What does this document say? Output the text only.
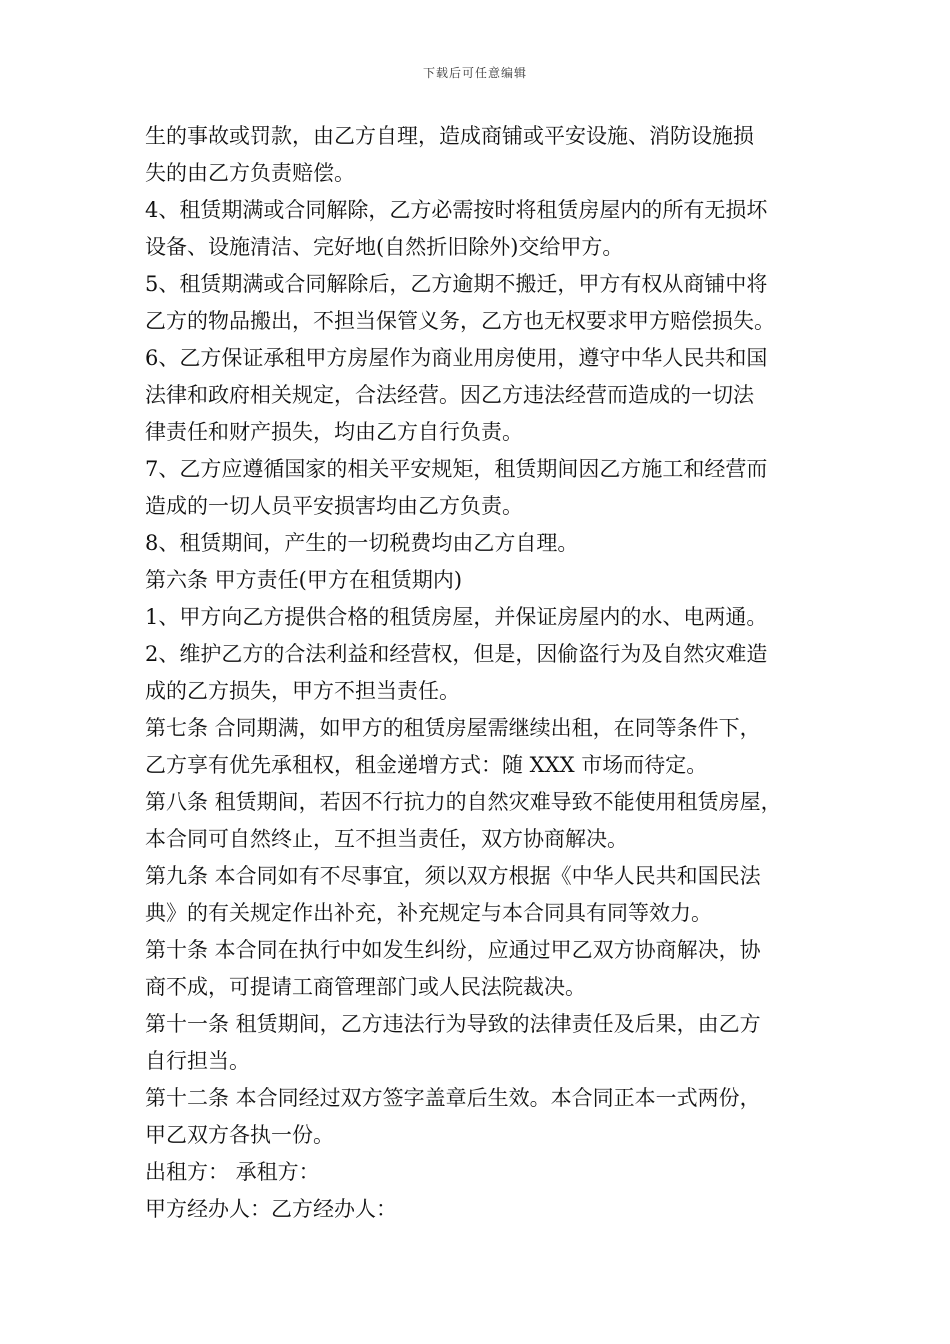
下载后可任意编辑
生的事故或罚款，由乙方自理，造成商铺或平安设施、消防设施损
失的由乙方负责赔偿。
4、租赁期满或合同解除，乙方必需按时将租赁房屋内的所有无损坏
设备、设施清洁、完好地(自然折旧除外)交给甲方。
5、租赁期满或合同解除后，乙方逾期不搬迁，甲方有权从商铺中将
乙方的物品搬出，不担当保管义务，乙方也无权要求甲方赔偿损失。
6、乙方保证承租甲方房屋作为商业用房使用，遵守中华人民共和国
法律和政府相关规定，合法经营。因乙方违法经营而造成的一切法
律责任和财产损失，均由乙方自行负责。
7、乙方应遵循国家的相关平安规矩，租赁期间因乙方施工和经营而
造成的一切人员平安损害均由乙方负责。
8、租赁期间，产生的一切税费均由乙方自理。
第六条 甲方责任(甲方在租赁期内)
1、甲方向乙方提供合格的租赁房屋，并保证房屋内的水、电两通。
2、维护乙方的合法利益和经营权，但是，因偷盗行为及自然灾难造
成的乙方损失，甲方不担当责任。
第七条 合同期满，如甲方的租赁房屋需继续出租，在同等条件下，
乙方享有优先承租权，租金递增方式：随 XXX 市场而待定。
第八条 租赁期间，若因不行抗力的自然灾难导致不能使用租赁房屋，
本合同可自然终止，互不担当责任，双方协商解决。
第九条 本合同如有不尽事宜，须以双方根据《中华人民共和国民法
典》的有关规定作出补充，补充规定与本合同具有同等效力。
第十条 本合同在执行中如发生纠纷，应通过甲乙双方协商解决，协
商不成，可提请工商管理部门或人民法院裁决。
第十一条 租赁期间，乙方违法行为导致的法律责任及后果，由乙方
自行担当。
第十二条 本合同经过双方签字盖章后生效。本合同正本一式两份，
甲乙双方各执一份。
出租方： 承租方：
甲方经办人：乙方经办人：
